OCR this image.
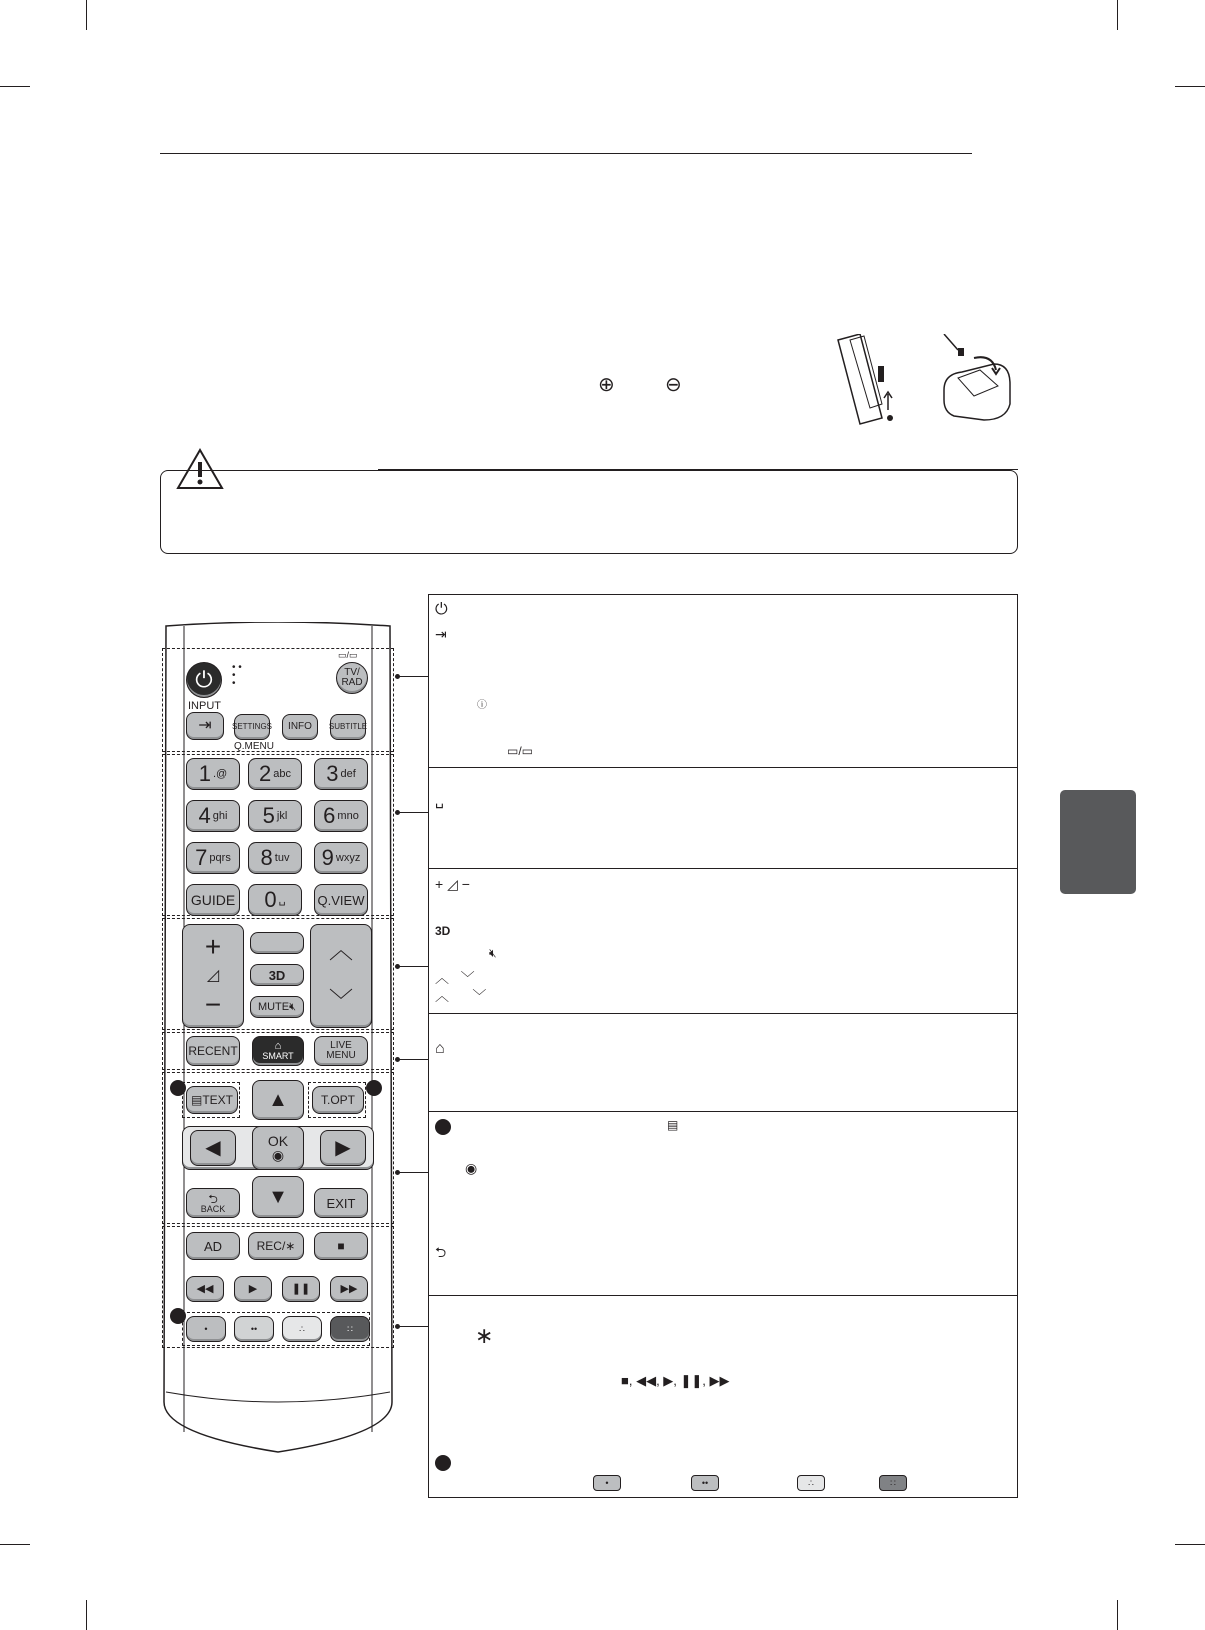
⊕	⊖
⏻	• •
•
•
INPUT
▭/▭
TV/
RAD
⇥	SETTINGS
Q.MENU
INFO SUBTITLE
1 .@ 2 abc 3 def
4 ghi 5 jkl 6 mno
7 pqrs 8 tuv 9 wxyz
GUIDE 0 ␣ Q.VIEW
+
◿
−
3D
MUTE 🔇︎
︿
﹀
RECENT	⌂
SMART
LIVE MENU
▤ TEXT	T.OPT
▲
◀	OK
◉	▶
▼
⮌
BACK	EXIT
AD	REC/∗	■
◀◀	▶	❚❚	▶▶
•	••	∴	∷
⏻
⇥
ⓘ
▭/▭
␣
+ ◿ −
3D
🔇︎
︿   ﹀
︿      ﹀
⌂
▤
◉
⮌
∗
■, ◀◀, ▶, ❚❚, ▶▶
•	••	∴	∷
